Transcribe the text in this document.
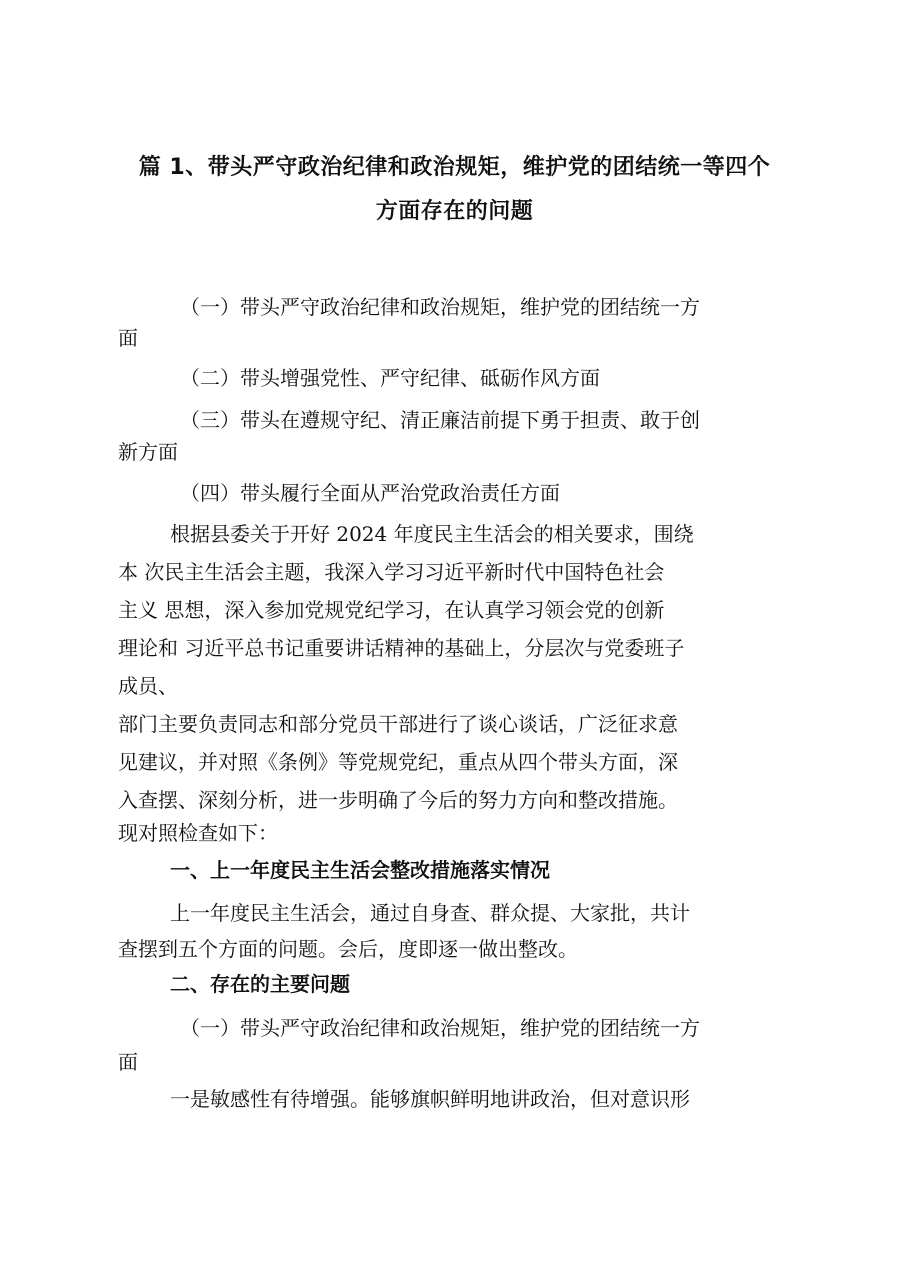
篇 1、带头严守政治纪律和政治规矩，维护党的团结统一等四个
方面存在的问题
（一）带头严守政治纪律和政治规矩，维护党的团结统一方
面
（二）带头增强党性、严守纪律、砥砺作风方面
（三）带头在遵规守纪、清正廉洁前提下勇于担责、敢于创
新方面
（四）带头履行全面从严治党政治责任方面
根据县委关于开好 2024 年度民主生活会的相关要求，围绕
本 次民主生活会主题，我深入学习习近平新时代中国特色社会
主义 思想，深入参加党规党纪学习，在认真学习领会党的创新
理论和 习近平总书记重要讲话精神的基础上，分层次与党委班子
成员、
部门主要负责同志和部分党员干部进行了谈心谈话，广泛征求意
见建议，并对照《条例》等党规党纪，重点从四个带头方面，深
入查摆、深刻分析，进一步明确了今后的努力方向和整改措施。
现对照检查如下：
一、上一年度民主生活会整改措施落实情况
上一年度民主生活会，通过自身查、群众提、大家批，共计
查摆到五个方面的问题。会后，度即逐一做出整改。
二、存在的主要问题
（一）带头严守政治纪律和政治规矩，维护党的团结统一方
面
一是敏感性有待增强。能够旗帜鲜明地讲政治，但对意识形
